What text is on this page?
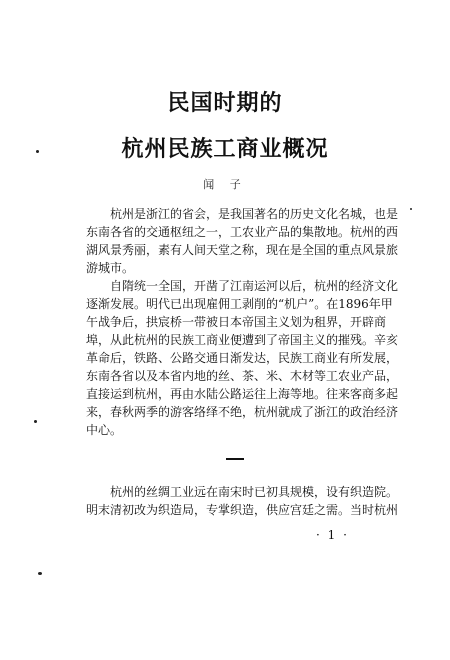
民国时期的
杭州民族工商业概况
闻 子
杭州是浙江的省会，是我国著名的历史文化名城，也是
东南各省的交通枢纽之一，工农业产品的集散地。杭州的西
湖风景秀丽，素有人间天堂之称，现在是全国的重点风景旅
游城市。
自隋统一全国，开凿了江南运河以后，杭州的经济文化
逐渐发展。明代已出现雇佣工剥削的“机户”。在1896年甲
午战争后，拱宸桥一带被日本帝国主义划为租界，开辟商
埠，从此杭州的民族工商业便遭到了帝国主义的摧残。辛亥
革命后，铁路、公路交通日渐发达，民族工商业有所发展，
东南各省以及本省内地的丝、茶、米、木材等工农业产品，
直接运到杭州，再由水陆公路运往上海等地。往来客商多起
来，春秋两季的游客络绎不绝，杭州就成了浙江的政治经济
中心。
杭州的丝绸工业远在南宋时已初具规模，设有织造院。
明末清初改为织造局，专掌织造，供应宫廷之需。当时杭州
· 1 ·
